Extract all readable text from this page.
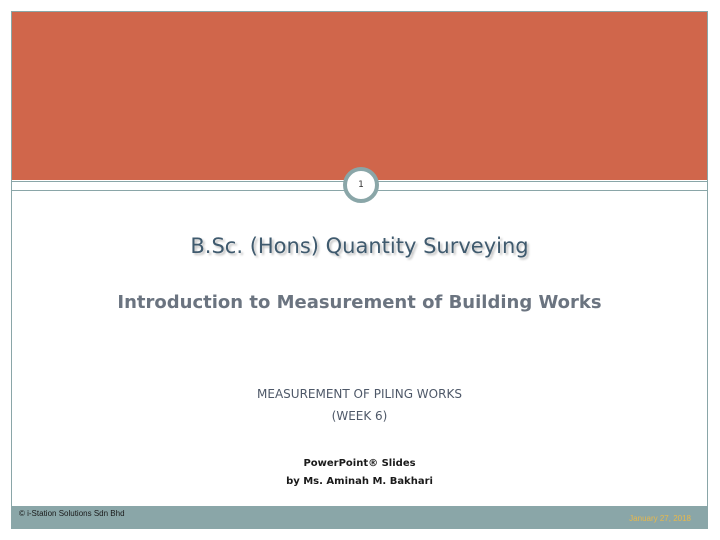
1
B.Sc. (Hons) Quantity Surveying

Introduction to Measurement of Building Works

MEASUREMENT OF PILING WORKS

(WEEK 6)

PowerPoint® Slides

by Ms. Aminah M. Bakhari

© i-Station Solutions Sdn Bhd
January 27, 2018
